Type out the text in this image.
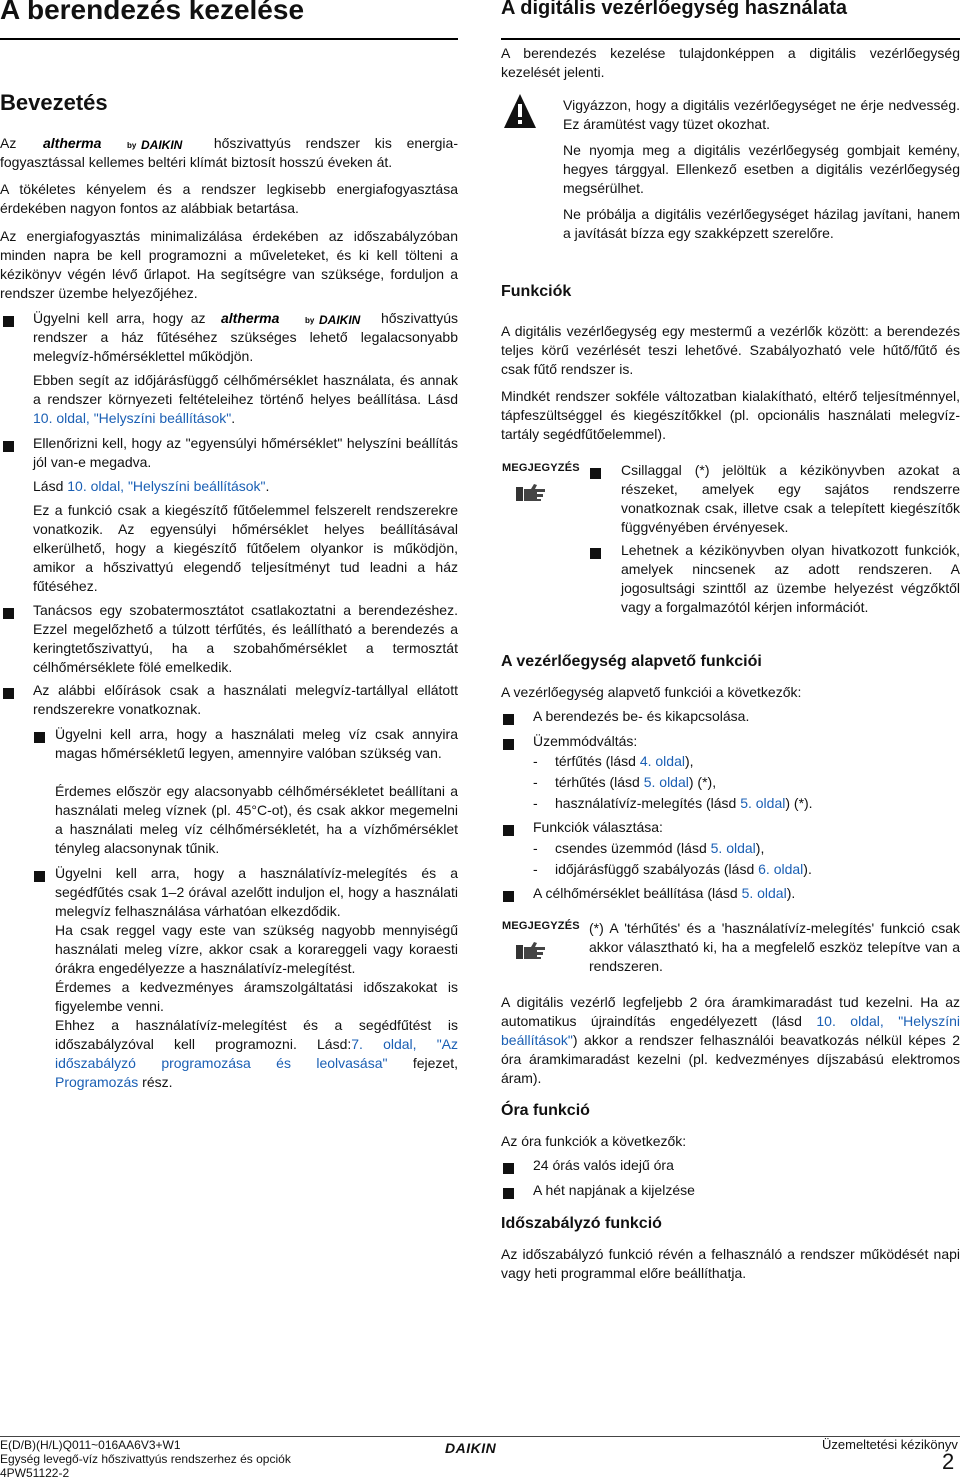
A berendezés kezelése	A digitális vezérlőegység használata
Bevezetés

Az altherma	by DAIKIN hőszivattyús rendszer kis energia-fogyasztással kellemes beltéri klímát biztosít hosszú éveken át.

A tökéletes kényelem és a rendszer legkisebb energiafogyasztása érdekében nagyon fontos az alábbiak betartása.

Az energiafogyasztás minimalizálása érdekében az időszabályzóban minden napra be kell programozni a műveleteket, és ki kell tölteni a kézikönyv végén lévő űrlapot. Ha segítségre van szüksége, forduljon a rendszer üzembe helyezőjéhez.

Ügyelni kell arra, hogy az altherma	by DAIKIN hőszivattyús rendszer a ház fűtéséhez szükséges lehető legalacsonyabb melegvíz-hőmérséklettel működjön.

Ebben segít az időjárásfüggő célhőmérséklet használata, és annak a rendszer környezeti feltételeihez történő helyes beállítása. Lásd 10. oldal, "Helyszíni beállítások".

Ellenőrizni kell, hogy az "egyensúlyi hőmérséklet" helyszíni beállítás jól van-e megadva.

Lásd 10. oldal, "Helyszíni beállítások".

Ez a funkció csak a kiegészítő fűtőelemmel felszerelt rendszerekre vonatkozik. Az egyensúlyi hőmérséklet helyes beállításával elkerülhető, hogy a kiegészítő fűtőelem olyankor is működjön, amikor a hőszivattyú elegendő teljesítményt tud leadni a ház fűtéséhez.

Tanácsos egy szobatermosztátot csatlakoztatni a berendezéshez. Ezzel megelőzhető a túlzott térfűtés, és leállítható a berendezés a keringtetőszivattyú, ha a szobahőmérséklet a termosztát célhőmérséklete fölé emelkedik.

Az alábbi előírások csak a használati melegvíz-tartállyal ellátott rendszerekre vonatkoznak.

Ügyelni kell arra, hogy a használati meleg víz csak annyira magas hőmérsékletű legyen, amennyire valóban szükség van.

Érdemes először egy alacsonyabb célhőmérsékletet beállítani a használati meleg víznek (pl. 45°C-ot), és csak akkor megemelni a használati meleg víz célhőmérsékletét, ha a vízhőmérséklet tényleg alacsonynak tűnik.

Ügyelni kell arra, hogy a használatívíz-melegítés és a segédfűtés csak 1–2 órával azelőtt induljon el, hogy a használati melegvíz felhasználása várhatóan elkezdődik.

Ha csak reggel vagy este van szükség nagyobb mennyiségű használati meleg vízre, akkor csak a korareggeli vagy koraesti órákra engedélyezze a használatívíz-melegítést.

Érdemes a kedvezményes áramszolgáltatási időszakokat is figyelembe venni.

Ehhez a használatívíz-melegítést és a segédfűtést is időszabályzóval kell programozni. Lásd:7. oldal, "Az időszabályzó programozása és leolvasása" fejezet, Programozás rész.

A berendezés kezelése tulajdonképpen a digitális vezérlőegység kezelését jelenti.

Vigyázzon, hogy a digitális vezérlőegységet ne érje nedvesség. Ez áramütést vagy tüzet okozhat.

Ne nyomja meg a digitális vezérlőegység gombjait kemény, hegyes tárggyal. Ellenkező esetben a digitális vezérlőegység megsérülhet.

Ne próbálja a digitális vezérlőegységet házilag javítani, hanem a javítását bízza egy szakképzett szerelőre.

Funkciók

A digitális vezérlőegység egy mestermű a vezérlők között: a berendezés teljes körű vezérlését teszi lehetővé. Szabályozható vele hűtő/fűtő és csak fűtő rendszer is.

Mindkét rendszer sokféle változatban kialakítható, eltérő teljesítménnyel, tápfeszültséggel és kiegészítőkkel (pl. opcionális használati melegvíz-tartály segédfűtőelemmel).

MEGJEGYZÉS	Csillaggal (*) jelöltük a kézikönyvben azokat a részeket, amelyek egy sajátos rendszerre vonatkoznak csak, illetve csak a telepített kiegészítők függvényében érvényesek.

Lehetnek a kézikönyvben olyan hivatkozott funkciók, amelyek nincsenek az adott rendszeren. A jogosultsági szinttől az üzembe helyezést végzőktől vagy a forgalmazótól kérjen információt.

A vezérlőegység alapvető funkciói

A vezérlőegység alapvető funkciói a következők:

A berendezés be- és kikapcsolása.

Üzemmódváltás:

- térfűtés (lásd 4. oldal),

- térhűtés (lásd 5. oldal) (*),

- használatívíz-melegítés (lásd 5. oldal) (*).

Funkciók választása:

- csendes üzemmód (lásd 5. oldal),

- időjárásfüggő szabályozás (lásd 6. oldal).

A célhőmérséklet beállítása (lásd 5. oldal).

MEGJEGYZÉS (*) A 'térhűtés' és a 'használatívíz-melegítés' funkció csak akkor választható ki, ha a megfelelő eszköz telepítve van a rendszeren.

A digitális vezérlő legfeljebb 2 óra áramkimaradást tud kezelni. Ha az automatikus újraindítás engedélyezett (lásd 10. oldal, "Helyszíni beállítások") akkor a rendszer felhasználói beavatkozás nélkül képes 2 óra áramkimaradást kezelni (pl. kedvezményes díjszabású elektromos áram).

Óra funkció

Az óra funkciók a következők:

24 órás valós idejű óra

A hét napjának a kijelzése

Időszabályzó funkció

Az időszabályzó funkció révén a felhasználó a rendszer működését napi vagy heti programmal előre beállíthatja.

E(D/B)(H/L)Q011~016AA6V3+W1
Egység levegő-víz hőszivattyús rendszerhez és opciók
4PW51122-2
DAIKIN	Üzemeltetési kézikönyv
2
